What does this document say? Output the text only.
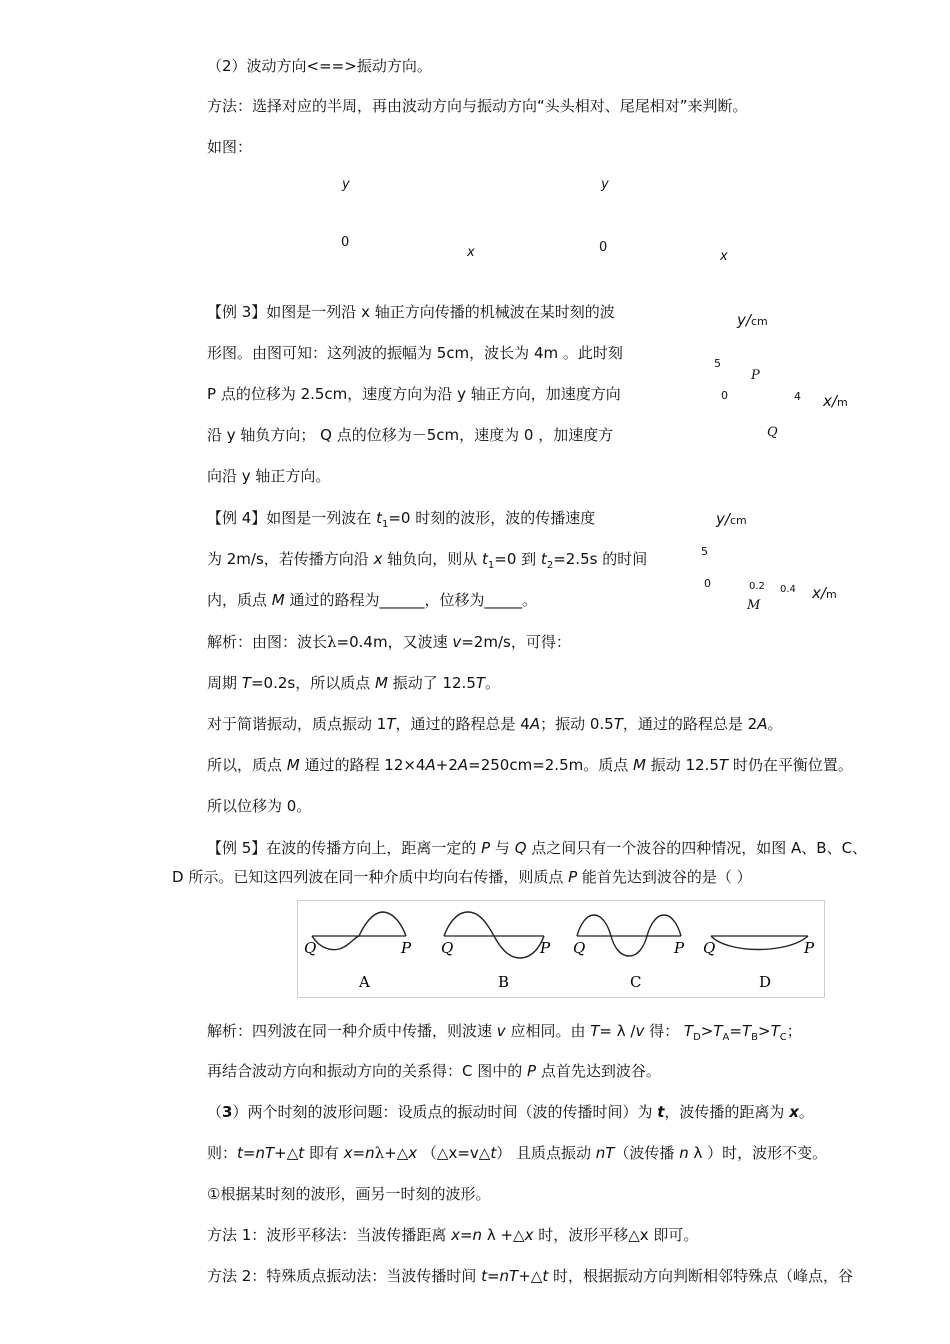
（2）波动方向<==>振动方向。
方法：选择对应的半周，再由波动方向与振动方向“头头相对、尾尾相对”来判断。
如图：
y
0
x
y
0
x
【例 3】如图是一列沿 x 轴正方向传播的机械波在某时刻的波
形图。由图可知：这列波的振幅为 5cm，波长为 4m 。此时刻
P 点的位移为 2.5cm，速度方向为沿 y 轴正方向，加速度方向
沿 y 轴负方向； Q 点的位移为－5cm，速度为 0 ，加速度方
向沿 y 轴正方向。
y/cm
5
P
0	4 x/m
Q
【例 4】如图是一列波在 $t_1=0$ 时刻的波形，波的传播速度
为 2m/s，若传播方向沿 x 轴负向，则从 $t_1=0$ 到 $t_2=2.5s$ 的时间
内，质点 M 通过的路程为______，位移为_____。
y/cm
5
0	0.2 0.4 x/m
M
解析：由图：波长λ=0.4m，又波速 v=2m/s，可得：
周期 T=0.2s，所以质点 M 振动了 12.5T。
对于简谐振动，质点振动 1T，通过的路程总是 4A；振动 0.5T，通过的路程总是 2A。
所以，质点 M 通过的路程 12×4A+2A=250cm=2.5m。质点 M 振动 12.5T 时仍在平衡位置。
所以位移为 0。
【例 5】在波的传播方向上，距离一定的 P 与 Q 点之间只有一个波谷的四种情况，如图 A、B、C、
D 所示。已知这四列波在同一种介质中均向右传播，则质点 P 能首先达到波谷的是（ ）
Q	P
A
Q	P
B
Q	P
C
Q	P
D
解析：四列波在同一种介质中传播，则波速 v 应相同。由 T= λ /v 得： $T_D>T_A=T_B>T_C$；
再结合波动方向和振动方向的关系得：C 图中的 P 点首先达到波谷。
（3）两个时刻的波形问题：设质点的振动时间（波的传播时间）为 t，波传播的距离为 x。
则：t=nT+△t 即有 x=nλ+△x （△x=v△t） 且质点振动 nT（波传播 n λ ）时，波形不变。
①根据某时刻的波形，画另一时刻的波形。
方法 1：波形平移法：当波传播距离 x=n λ +△x 时，波形平移△x 即可。
方法 2：特殊质点振动法：当波传播时间 t=nT+△t 时，根据振动方向判断相邻特殊点（峰点，谷
